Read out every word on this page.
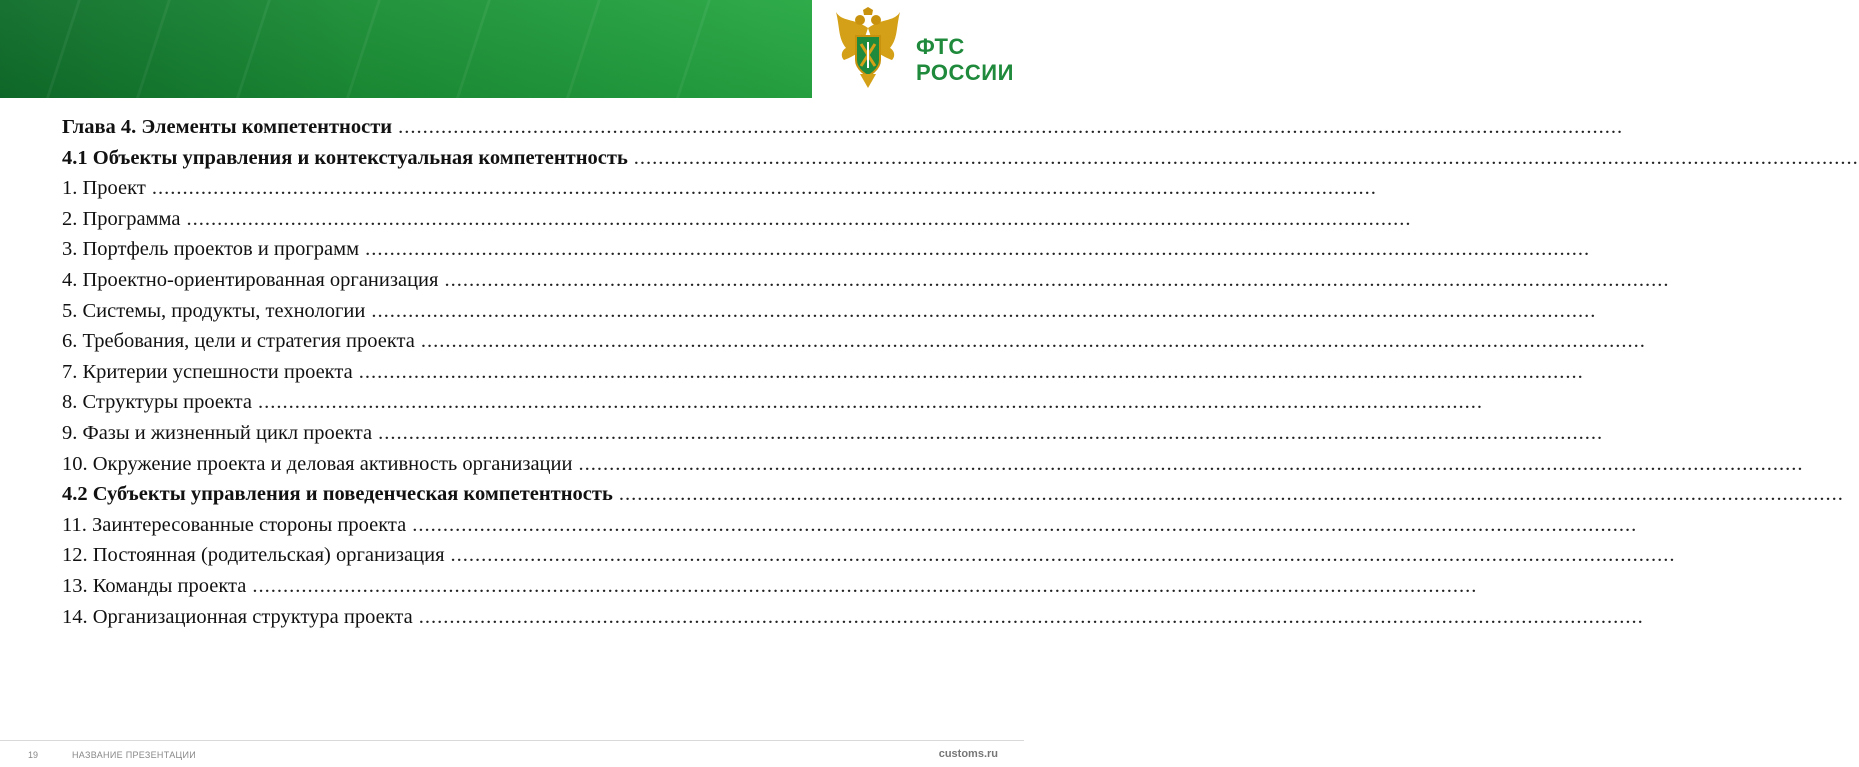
ФТС
РОССИИ
Глава 4. Элементы компетентности ........................................................................................................................................................................................................
4.1 Объекты управления и контекстуальная компетентность ........................................................................................................................................................................................................
1. Проект ........................................................................................................................................................................................................
2. Программа ........................................................................................................................................................................................................
3. Портфель проектов и программ ........................................................................................................................................................................................................
4. Проектно-ориентированная организация ........................................................................................................................................................................................................
5. Системы, продукты, технологии ........................................................................................................................................................................................................
6. Требования, цели и стратегия проекта ........................................................................................................................................................................................................
7. Критерии успешности проекта ........................................................................................................................................................................................................
8. Структуры проекта ........................................................................................................................................................................................................
9. Фазы и жизненный цикл проекта ........................................................................................................................................................................................................
10. Окружение проекта и деловая активность организации ........................................................................................................................................................................................................
4.2 Субъекты управления и поведенческая компетентность ........................................................................................................................................................................................................
11. Заинтересованные стороны проекта ........................................................................................................................................................................................................
12. Постоянная (родительская) организация ........................................................................................................................................................................................................
13. Команды проекта ........................................................................................................................................................................................................
14. Организационная структура проекта ........................................................................................................................................................................................................
19	НАЗВАНИЕ ПРЕЗЕНТАЦИИ	customs.ru
